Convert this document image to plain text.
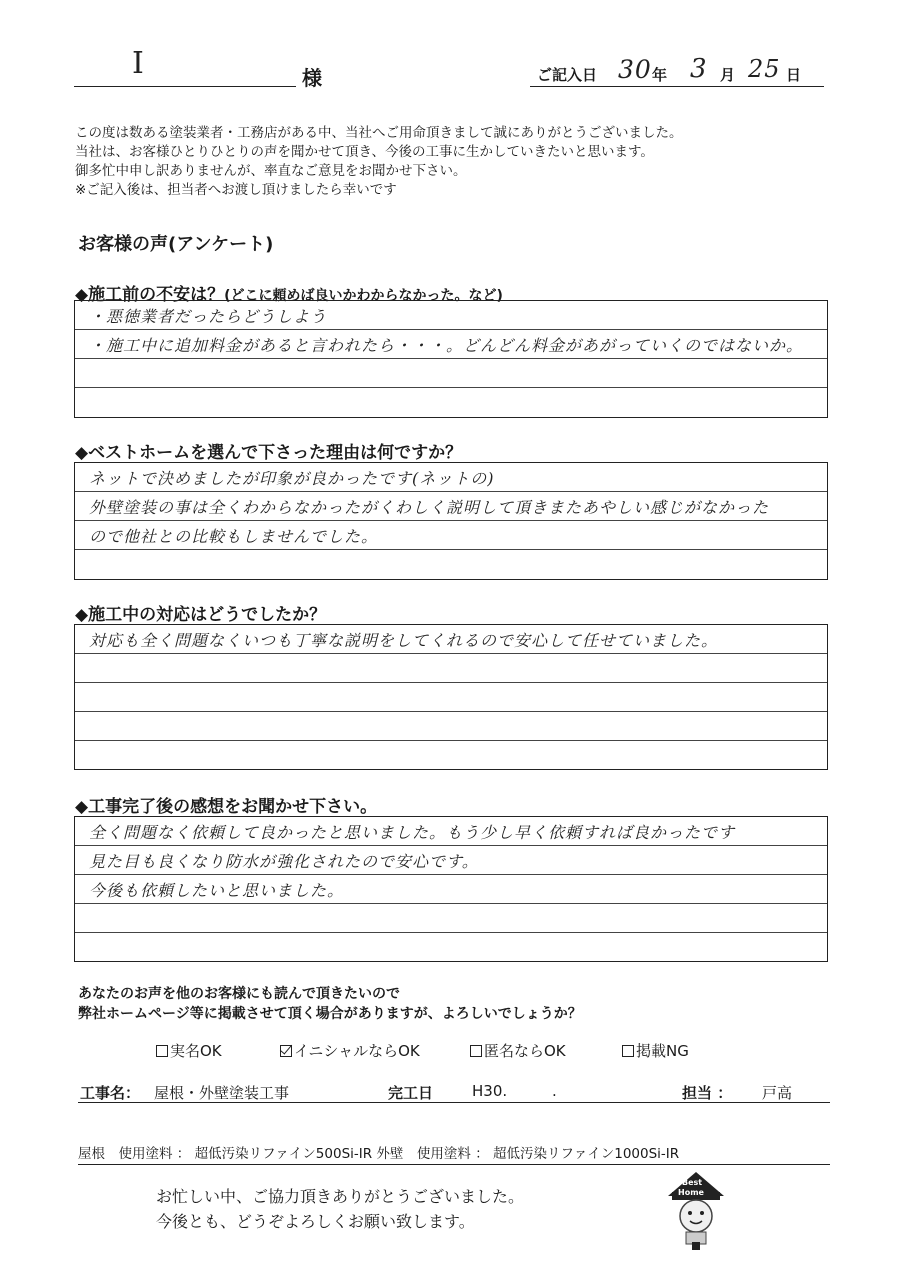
I	様	ご記入日 30 年 3 月 25 日
この度は数ある塗装業者・工務店がある中、当社へご用命頂きまして誠にありがとうございました。
当社は、お客様ひとりひとりの声を聞かせて頂き、今後の工事に生かしていきたいと思います。
御多忙中申し訳ありませんが、率直なご意見をお聞かせ下さい。
※ご記入後は、担当者へお渡し頂けましたら幸いです
お客様の声(アンケート)
◆施工前の不安は？(どこに頼めば良いかわからなかった。など)
・悪徳業者だったらどうしよう
・施工中に追加料金があると言われたら・・・。どんどん料金があがっていくのではないか。
◆ベストホームを選んで下さった理由は何ですか？
ネットで決めましたが印象が良かったです(ネットの)
外壁塗装の事は全くわからなかったがくわしく説明して頂きまたあやしい感じがなかった
ので他社との比較もしませんでした。
◆施工中の対応はどうでしたか？
対応も全く問題なくいつも丁寧な説明をしてくれるので安心して任せていました。
◆工事完了後の感想をお聞かせ下さい。
全く問題なく依頼して良かったと思いました。もう少し早く依頼すれば良かったです
見た目も良くなり防水が強化されたので安心です。
今後も依頼したいと思いました。
あなたのお声を他のお客様にも読んで頂きたいので
弊社ホームページ等に掲載させて頂く場合がありますが、よろしいでしょうか？
実名OK	イニシャルならOK	匿名ならOK	掲載NG
工事名： 屋根・外壁塗装工事	完工日	H30.	.	担当 ： 戸高
屋根　使用塗料 ： 超低汚染リファイン500Si-IR 外壁　使用塗料 ： 超低汚染リファイン1000Si-IR
お忙しい中、ご協力頂きありがとうございました。
今後とも、どうぞよろしくお願い致します。
Best
Home
